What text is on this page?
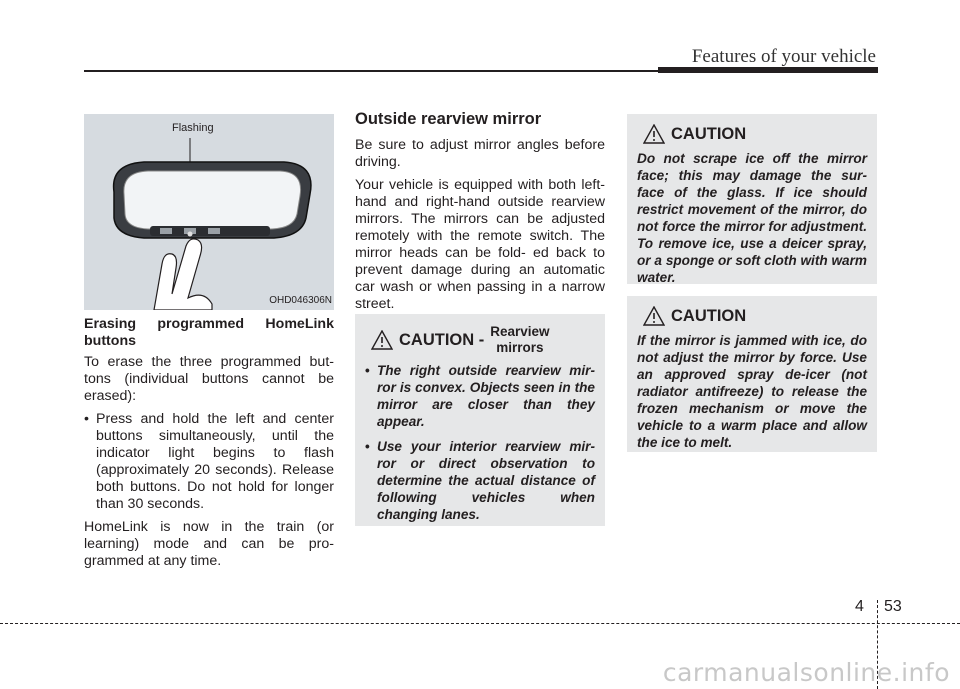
Features of your vehicle
Flashing
OHD046306N
Erasing programmed HomeLink buttons

To erase the three programmed but- tons (individual buttons cannot be erased):

• Press and hold the left and center buttons simultaneously, until the indicator light begins to flash (approximately 20 seconds). Release both buttons. Do not hold for longer than 30 seconds.

HomeLink is now in the train (or learning) mode and can be pro- grammed at any time.

Outside rearview mirror

Be sure to adjust mirror angles before driving.

Your vehicle is equipped with both left-hand and right-hand outside rearview mirrors. The mirrors can be adjusted remotely with the remote switch. The mirror heads can be fold- ed back to prevent damage during an automatic car wash or when passing in a narrow street.

CAUTION - Rearview
mirrors
• The right outside rearview mir- ror is convex. Objects seen in the mirror are closer than they appear.
• Use your interior rearview mir- ror or direct observation to determine the actual distance of following vehicles when changing lanes.
CAUTION
Do not scrape ice off the mirror face; this may damage the sur- face of the glass. If ice should restrict movement of the mirror, do not force the mirror for adjustment. To remove ice, use a deicer spray, or a sponge or soft cloth with warm water.
CAUTION
If the mirror is jammed with ice, do not adjust the mirror by force. Use an approved spray de-icer (not radiator antifreeze) to release the frozen mechanism or move the vehicle to a warm place and allow the ice to melt.
4 53
carmanualsonline.info
